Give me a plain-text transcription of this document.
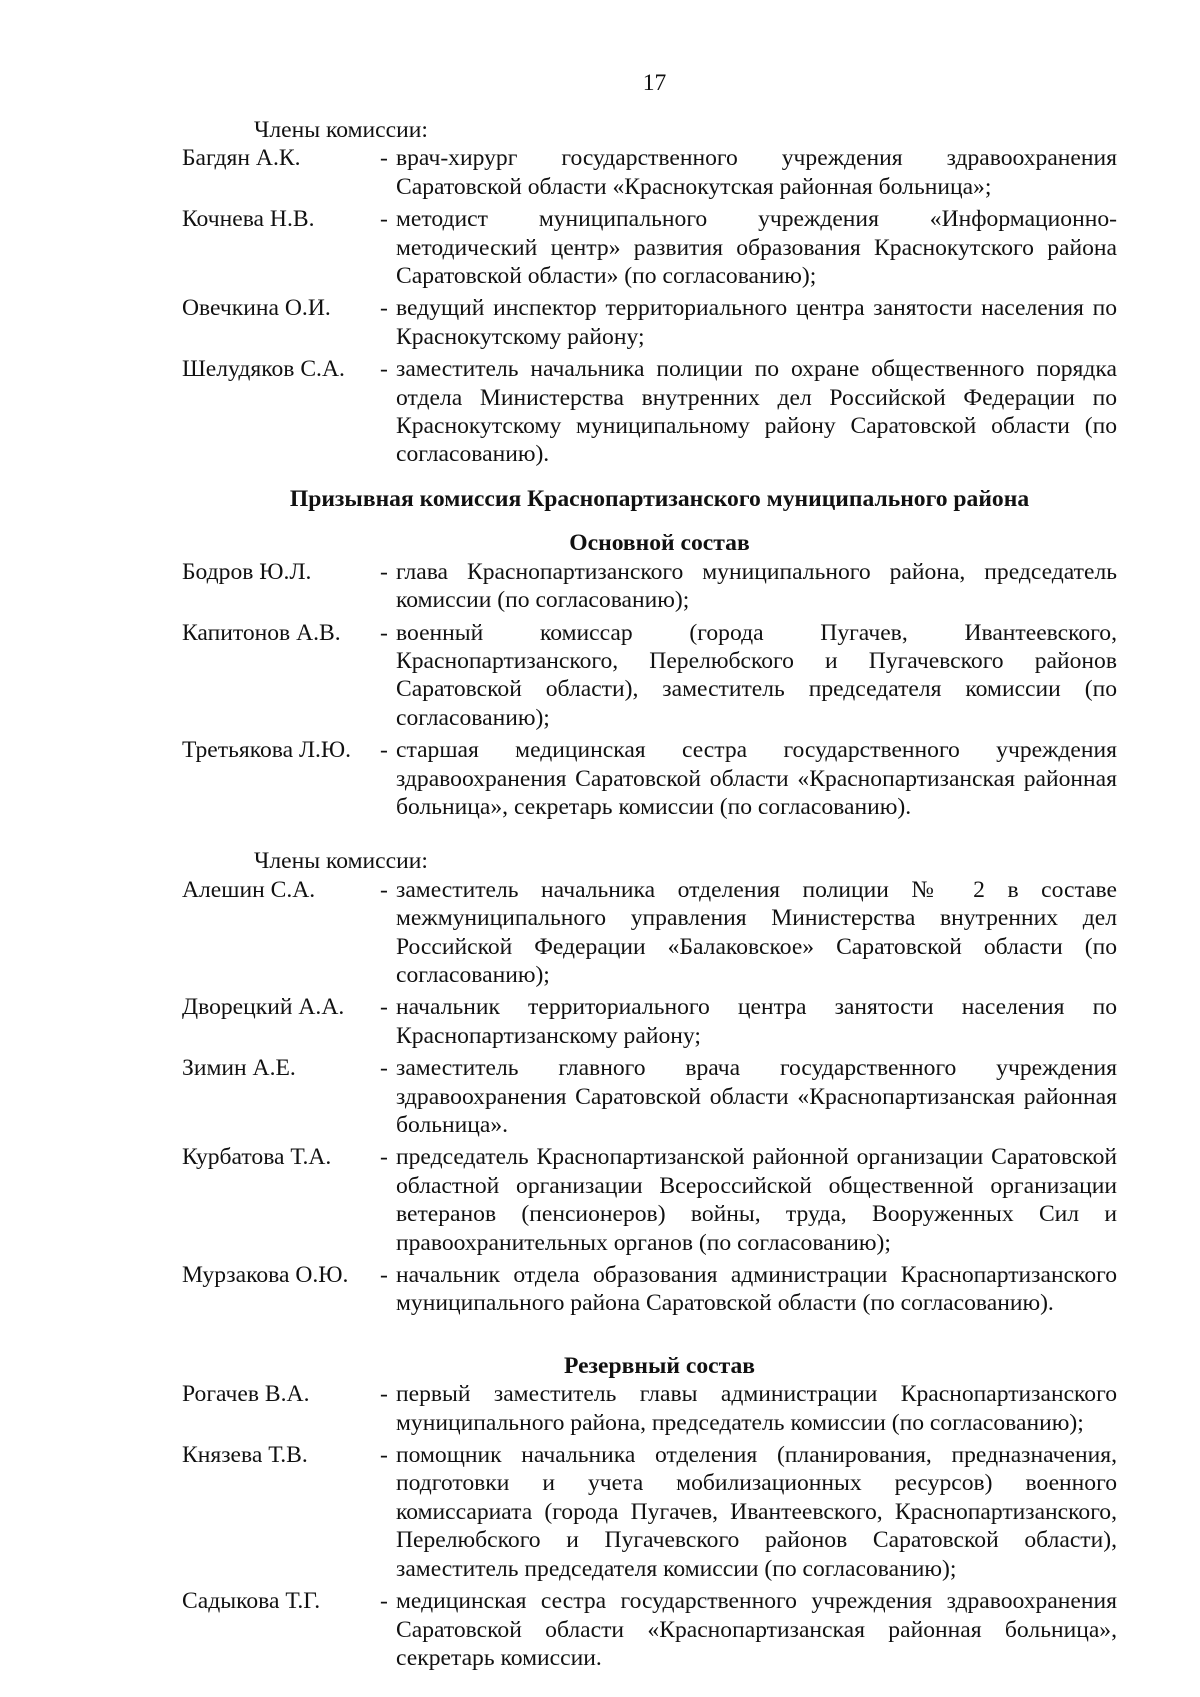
17
Члены комиссии:
Багдян А.К.	- врач-хирург государственного учреждения здравоохранения Саратовской области «Краснокутская районная больница»;
Кочнева Н.В.	- методист муниципального учреждения «Информационно-методический центр» развития образования Краснокутского района Саратовской области» (по согласованию);
Овечкина О.И.	- ведущий инспектор территориального центра занятости населения по Краснокутскому району;
Шелудяков С.А.	- заместитель начальника полиции по охране общественного порядка отдела Министерства внутренних дел Российской Федерации по Краснокутскому муниципальному району Саратовской области (по согласованию).
Призывная комиссия Краснопартизанского муниципального района
Основной состав
Бодров Ю.Л.	- глава Краснопартизанского муниципального района, председатель комиссии (по согласованию);
Капитонов А.В.	- военный комиссар (города Пугачев, Ивантеевского, Краснопартизанского, Перелюбского и Пугачевского районов Саратовской области), заместитель председателя комиссии (по согласованию);
Третьякова Л.Ю.	- старшая медицинская сестра государственного учреждения здравоохранения Саратовской области «Краснопартизанская районная больница», секретарь комиссии (по согласованию).
Члены комиссии:
Алешин С.А.	- заместитель начальника отделения полиции № 2 в составе межмуниципального управления Министерства внутренних дел Российской Федерации «Балаковское» Саратовской области (по согласованию);
Дворецкий А.А.	- начальник территориального центра занятости населения по Краснопартизанскому району;
Зимин А.Е.	- заместитель главного врача государственного учреждения здравоохранения Саратовской области «Краснопартизанская районная больница».
Курбатова Т.А.	- председатель Краснопартизанской районной организации Саратовской областной организации Всероссийской общественной организации ветеранов (пенсионеров) войны, труда, Вооруженных Сил и правоохранительных органов (по согласованию);
Мурзакова О.Ю.	- начальник отдела образования администрации Краснопартизанского муниципального района Саратовской области (по согласованию).
Резервный состав
Рогачев В.А.	- первый заместитель главы администрации Краснопартизанского муниципального района, председатель комиссии (по согласованию);
Князева Т.В.	- помощник начальника отделения (планирования, предназначения, подготовки и учета мобилизационных ресурсов) военного комиссариата (города Пугачев, Ивантеевского, Краснопартизанского, Перелюбского и Пугачевского районов Саратовской области), заместитель председателя комиссии (по согласованию);
Садыкова Т.Г.	- медицинская сестра государственного учреждения здравоохранения Саратовской области «Краснопартизанская районная больница», секретарь комиссии.
